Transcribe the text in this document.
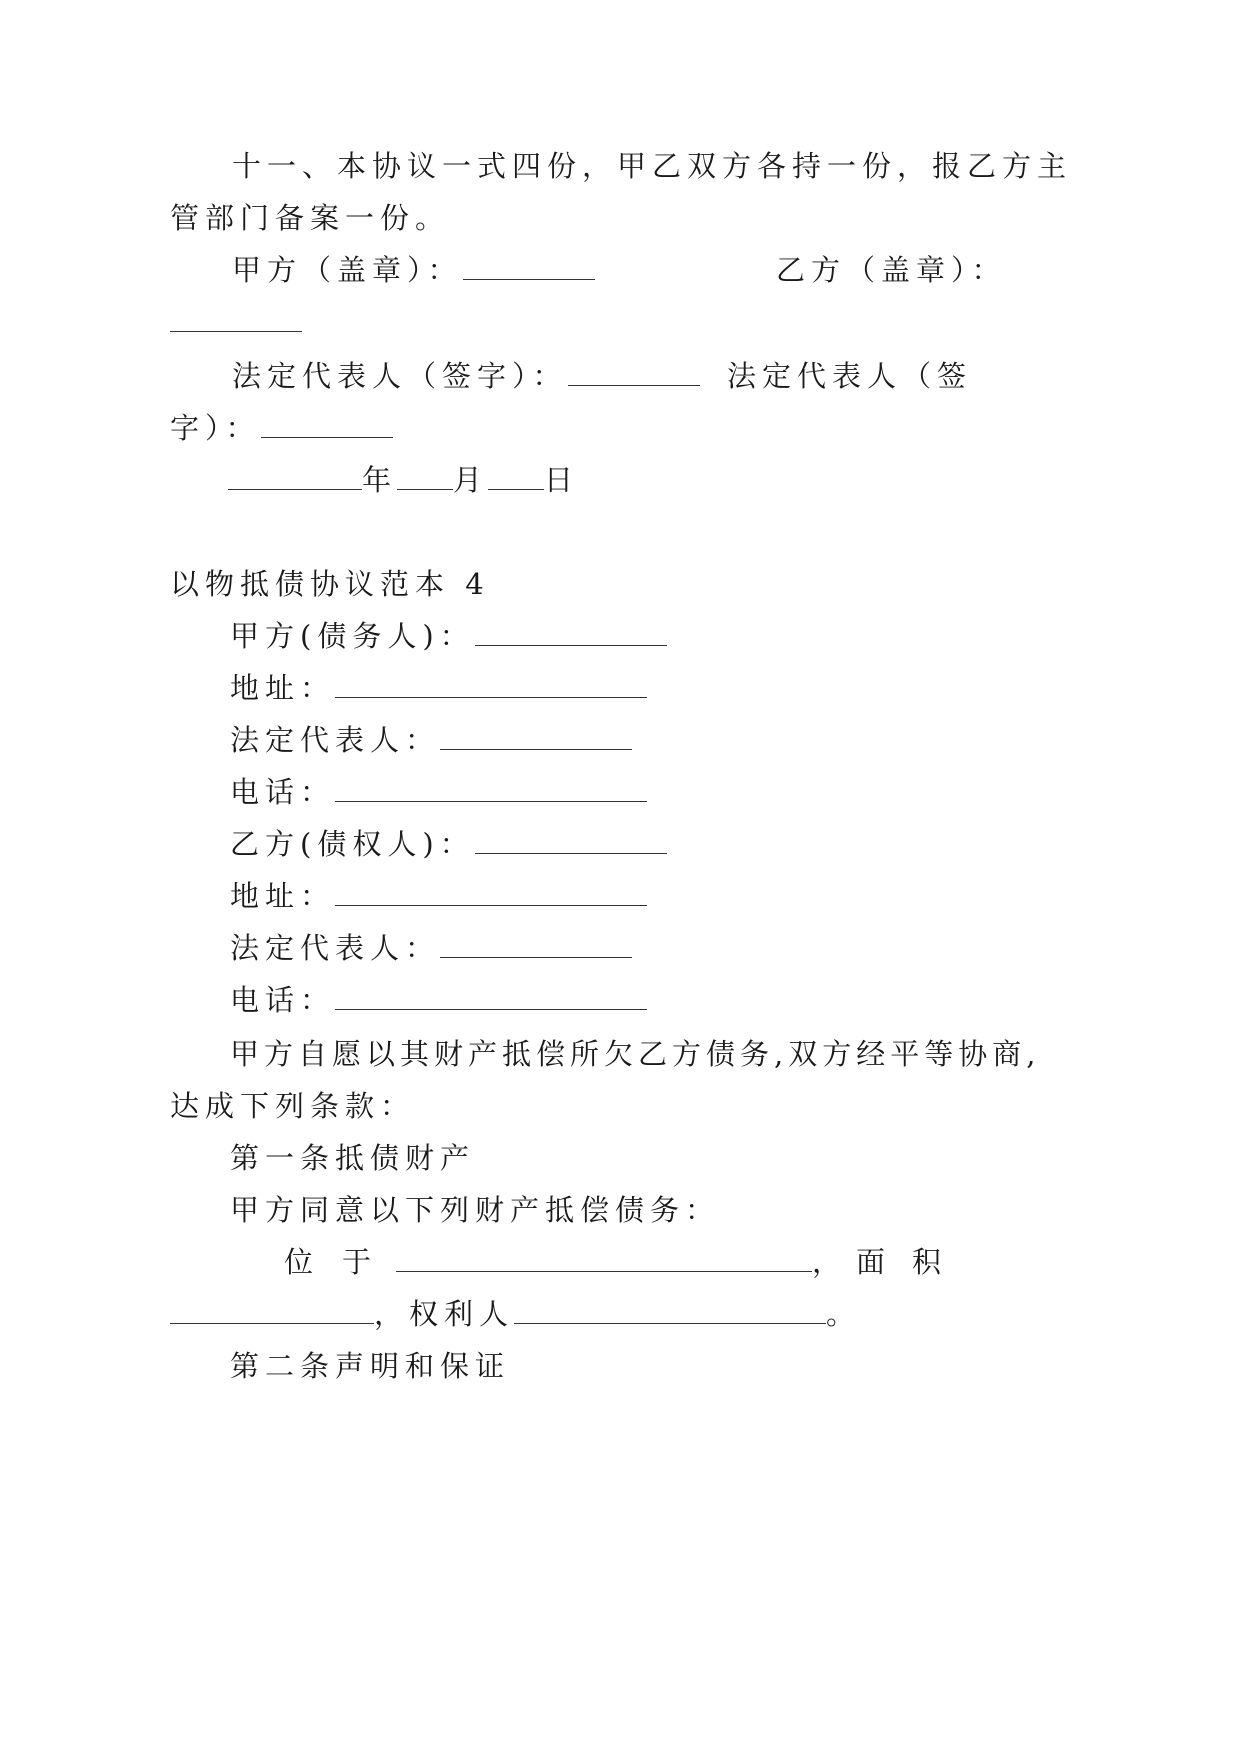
十一、本协议一式四份，甲乙双方各持一份，报乙方主
管部门备案一份。
甲方（盖章）：	乙方（盖章）：
法定代表人（签字）：	法定代表人（签
字）：
年 月 日
以物抵债协议范本 4
甲方(债务人)：
地址：
法定代表人：
电话：
乙方(债权人)：
地址：
法定代表人：
电话：
甲方自愿以其财产抵偿所欠乙方债务,双方经平等协商,
达成下列条款：
第一条抵债财产
甲方同意以下列财产抵偿债务：
位 于	， 面 积
，权利人	。
第二条声明和保证
